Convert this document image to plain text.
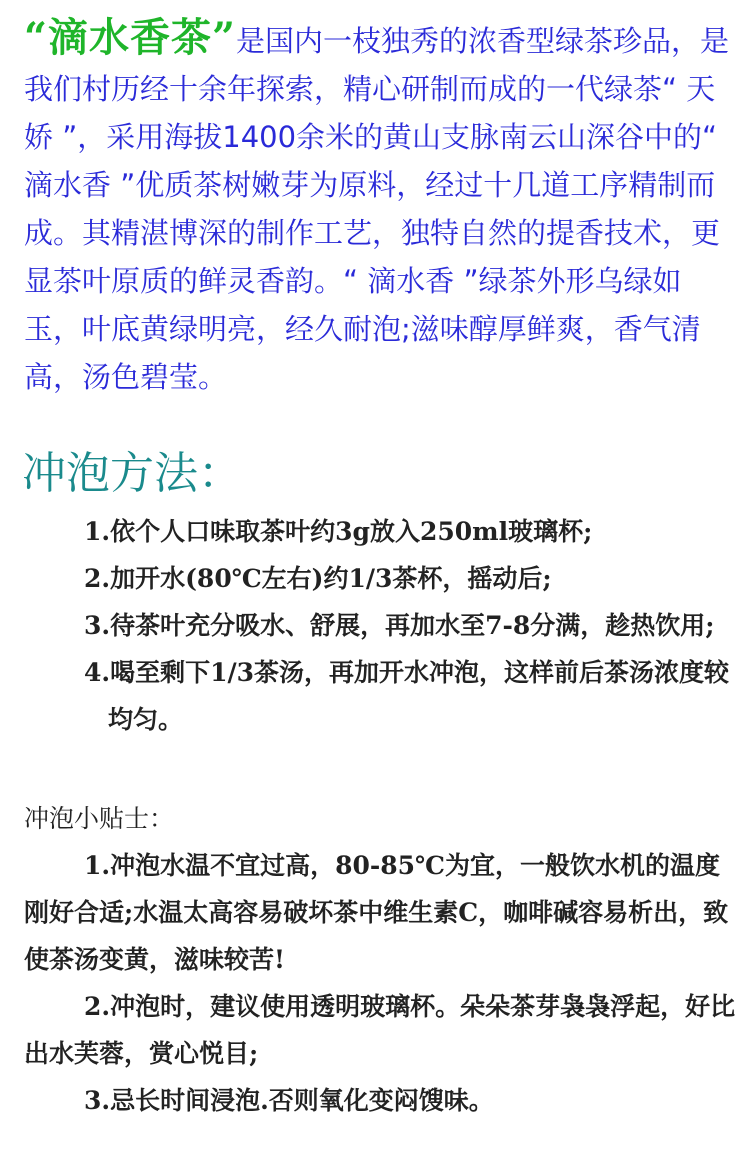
“滴水香茶”是国内一枝独秀的浓香型绿茶珍品，是我们村历经十余年探索，精心研制而成的一代绿茶“ 天娇 ”，采用海拔1400余米的黄山支脉南云山深谷中的“ 滴水香 ”优质茶树嫩芽为原料，经过十几道工序精制而成。其精湛博深的制作工艺，独特自然的提香技术，更显茶叶原质的鲜灵香韵。“ 滴水香 ”绿茶外形乌绿如玉，叶底黄绿明亮，经久耐泡;滋味醇厚鲜爽，香气清高，汤色碧莹。

冲泡方法：
1.依个人口味取茶叶约3g放入250ml玻璃杯;
2.加开水(80℃左右)约1/3茶杯，摇动后;
3.待茶叶充分吸水、舒展，再加水至7-8分满，趁热饮用;
4.喝至剩下1/3茶汤，再加开水冲泡，这样前后茶汤浓度较均匀。
冲泡小贴士：
1.冲泡水温不宜过高，80-85℃为宜，一般饮水机的温度刚好合适;水温太高容易破坏茶中维生素C，咖啡碱容易析出，致使茶汤变黄，滋味较苦!
2.冲泡时，建议使用透明玻璃杯。朵朵茶芽袅袅浮起，好比出水芙蓉，赏心悦目;
3.忌长时间浸泡.否则氧化变闷馊味。
